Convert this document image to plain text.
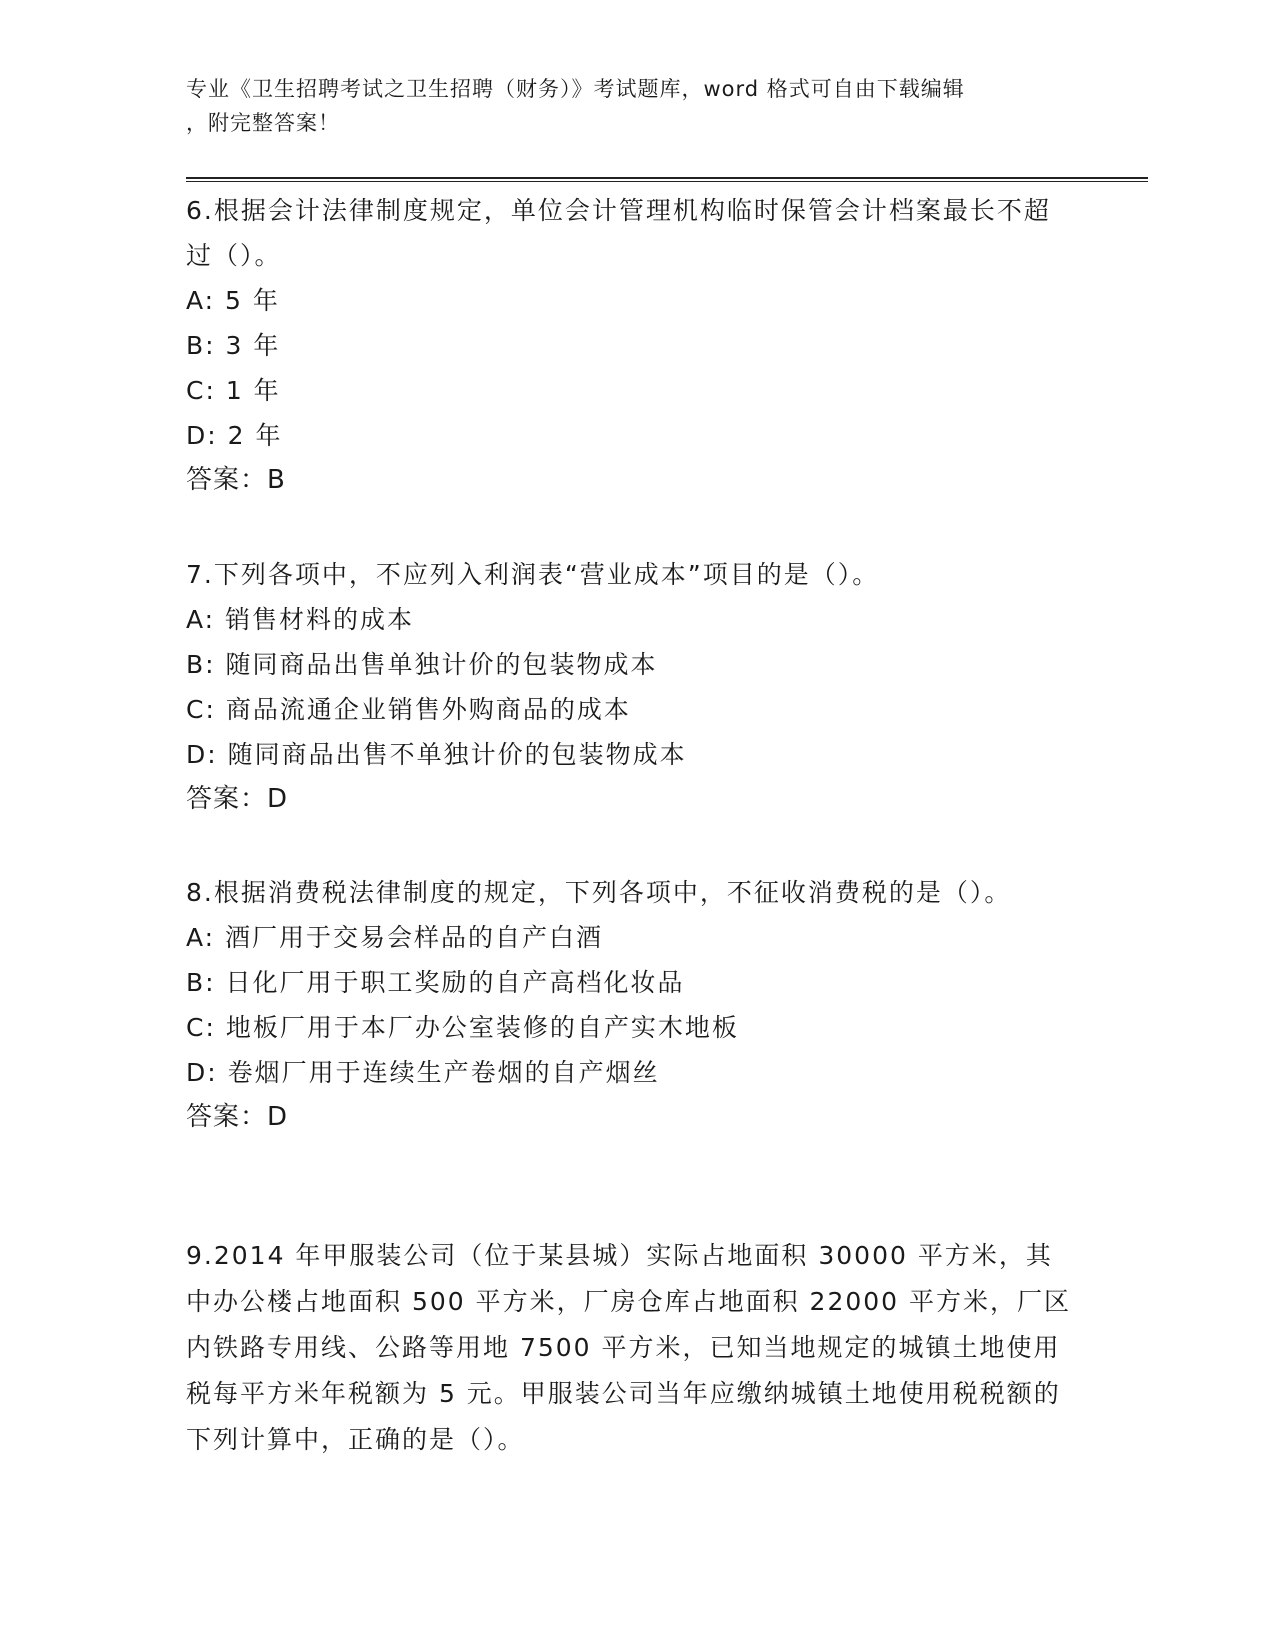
专业《卫生招聘考试之卫生招聘（财务）》考试题库，word 格式可自由下载编辑
，附完整答案！

6.根据会计法律制度规定，单位会计管理机构临时保管会计档案最长不超过（）。

A: 5 年

B: 3 年

C: 1 年

D: 2 年

答案：B

7.下列各项中，不应列入利润表“营业成本”项目的是（）。

A: 销售材料的成本

B: 随同商品出售单独计价的包装物成本

C: 商品流通企业销售外购商品的成本

D: 随同商品出售不单独计价的包装物成本

答案：D

8.根据消费税法律制度的规定，下列各项中，不征收消费税的是（）。

A: 酒厂用于交易会样品的自产白酒

B: 日化厂用于职工奖励的自产高档化妆品

C: 地板厂用于本厂办公室装修的自产实木地板

D: 卷烟厂用于连续生产卷烟的自产烟丝

答案：D

9.2014 年甲服装公司（位于某县城）实际占地面积 30000 平方米，其中办公楼占地面积 500 平方米，厂房仓库占地面积 22000 平方米，厂区内铁路专用线、公路等用地 7500 平方米，已知当地规定的城镇土地使用税每平方米年税额为 5 元。甲服装公司当年应缴纳城镇土地使用税税额的下列计算中，正确的是（）。
